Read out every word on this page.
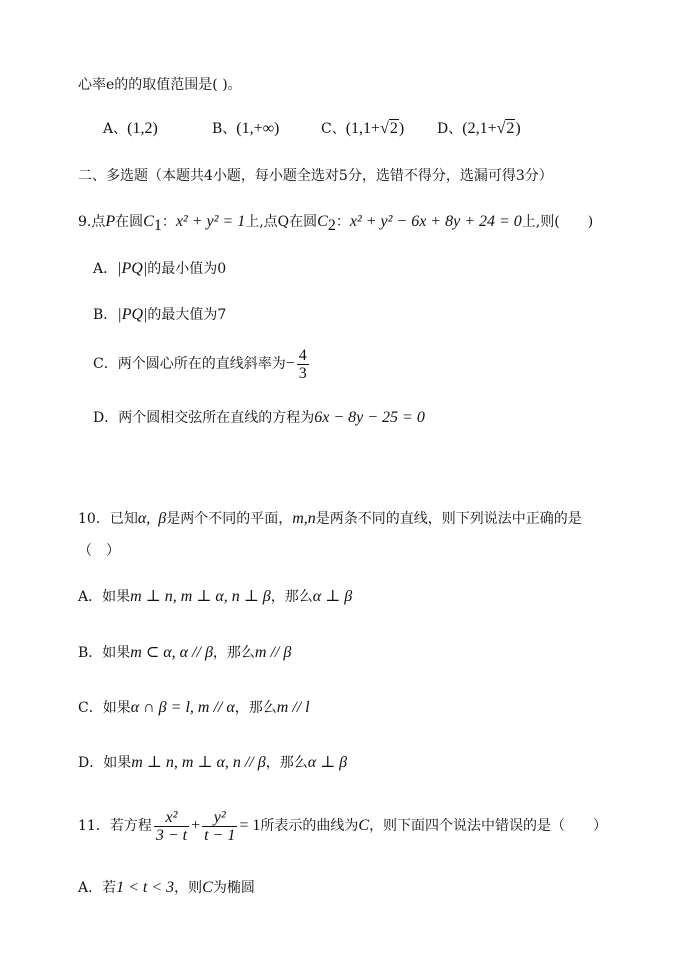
心率e的的取值范围是( )。
A、(1,2)	B、(1,+∞)	C、(1,1+√2) D、(2,1+√2)
二、多选题（本题共4小题，每小题全选对5分，选错不得分，选漏可得3分）
9.点P在圆$C_1$：x² + y² = 1上,点Q在圆$C_2$：x² + y² − 6x + 8y + 24 = 0上,则(　　)
A．|PQ|的最小值为0
B．|PQ|的最大值为7
C．两个圆心所在的直线斜率为− $\frac{4}{3}$
D．两个圆相交弦所在直线的方程为6x − 8y − 25 = 0
10．已知α, β是两个不同的平面，m,n是两条不同的直线，则下列说法中正确的是
（　）
A．如果m ⊥ n, m ⊥ α, n ⊥ β，那么α ⊥ β
B．如果m ⊂ α, α // β，那么m // β
C．如果α ∩ β = l, m // α，那么m // l
D．如果m ⊥ n, m ⊥ α, n // β，那么α ⊥ β
11．若方程 $\frac{\text{x²}}{3 - t} + \frac{\text{y²}}{t - 1} = 1$所表示的曲线为C，则下面四个说法中错误的是（　　）
A．若1 < t < 3，则C为椭圆
